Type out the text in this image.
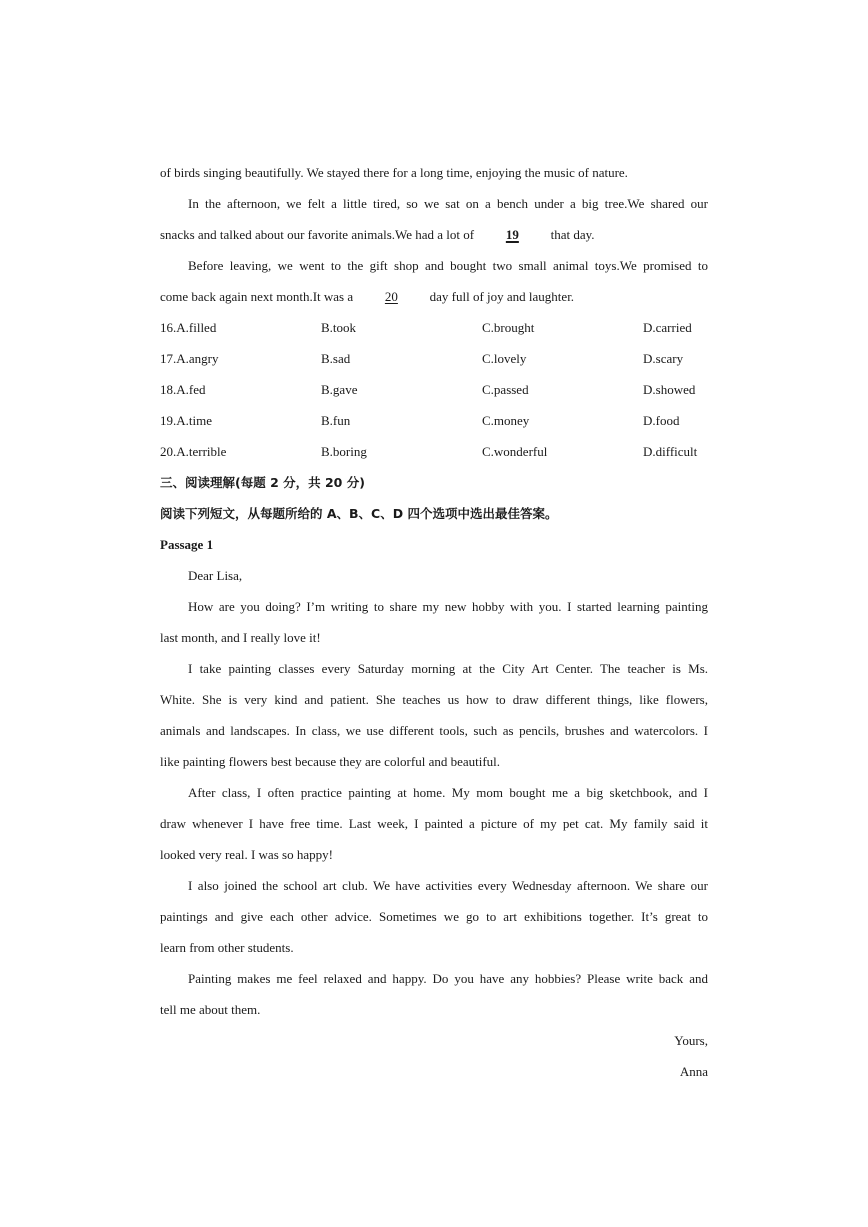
of birds singing beautifully. We stayed there for a long time, enjoying the music of nature.
In the afternoon, we felt a little tired, so we sat on a bench under a big tree.We shared our
snacks and talked about our favorite animals.We had a lot of 19 that day.
Before leaving, we went to the gift shop and bought two small animal toys.We promised to
come back again next month.It was a 20 day full of joy and laughter.
16.A.filled	B.took	C.brought	D.carried
17.A.angry	B.sad	C.lovely	D.scary
18.A.fed	B.gave	C.passed	D.showed
19.A.time	B.fun	C.money	D.food
20.A.terrible	B.boring	C.wonderful	D.difficult
三、阅读理解(每题 2 分，共 20 分)
阅读下列短文，从每题所给的 A、B、C、D 四个选项中选出最佳答案。
Passage 1
Dear Lisa,
How are you doing? I’m writing to share my new hobby with you. I started learning painting
last month, and I really love it!
I take painting classes every Saturday morning at the City Art Center. The teacher is Ms.
White. She is very kind and patient. She teaches us how to draw different things, like flowers,
animals and landscapes. In class, we use different tools, such as pencils, brushes and watercolors. I
like painting flowers best because they are colorful and beautiful.
After class, I often practice painting at home. My mom bought me a big sketchbook, and I
draw whenever I have free time. Last week, I painted a picture of my pet cat. My family said it
looked very real. I was so happy!
I also joined the school art club. We have activities every Wednesday afternoon. We share our
paintings and give each other advice. Sometimes we go to art exhibitions together. It’s great to
learn from other students.
Painting makes me feel relaxed and happy. Do you have any hobbies? Please write back and
tell me about them.
Yours,
Anna
